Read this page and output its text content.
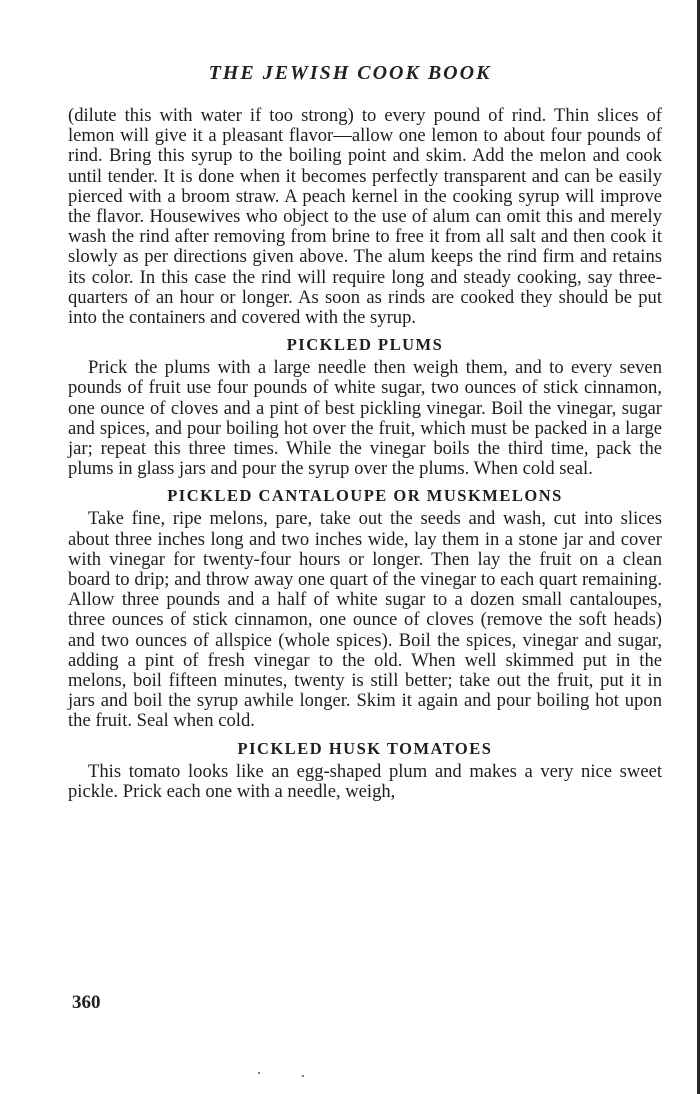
THE JEWISH COOK BOOK

(dilute this with water if too strong) to every pound of rind. Thin slices of lemon will give it a pleasant flavor—allow one lemon to about four pounds of rind. Bring this syrup to the boiling point and skim. Add the melon and cook until tender. It is done when it becomes perfectly transparent and can be easily pierced with a broom straw. A peach kernel in the cooking syrup will improve the flavor. Housewives who object to the use of alum can omit this and merely wash the rind after removing from brine to free it from all salt and then cook it slowly as per directions given above. The alum keeps the rind firm and retains its color. In this case the rind will require long and steady cooking, say three-quarters of an hour or longer. As soon as rinds are cooked they should be put into the containers and covered with the syrup.

PICKLED PLUMS

Prick the plums with a large needle then weigh them, and to every seven pounds of fruit use four pounds of white sugar, two ounces of stick cinnamon, one ounce of cloves and a pint of best pickling vinegar. Boil the vinegar, sugar and spices, and pour boiling hot over the fruit, which must be packed in a large jar; repeat this three times. While the vinegar boils the third time, pack the plums in glass jars and pour the syrup over the plums. When cold seal.

PICKLED CANTALOUPE OR MUSKMELONS

Take fine, ripe melons, pare, take out the seeds and wash, cut into slices about three inches long and two inches wide, lay them in a stone jar and cover with vinegar for twenty-four hours or longer. Then lay the fruit on a clean board to drip; and throw away one quart of the vinegar to each quart remaining. Allow three pounds and a half of white sugar to a dozen small cantaloupes, three ounces of stick cinnamon, one ounce of cloves (remove the soft heads) and two ounces of allspice (whole spices). Boil the spices, vinegar and sugar, adding a pint of fresh vinegar to the old. When well skimmed put in the melons, boil fifteen minutes, twenty is still better; take out the fruit, put it in jars and boil the syrup awhile longer. Skim it again and pour boiling hot upon the fruit. Seal when cold.

PICKLED HUSK TOMATOES

This tomato looks like an egg-shaped plum and makes a very nice sweet pickle. Prick each one with a needle, weigh,

360
